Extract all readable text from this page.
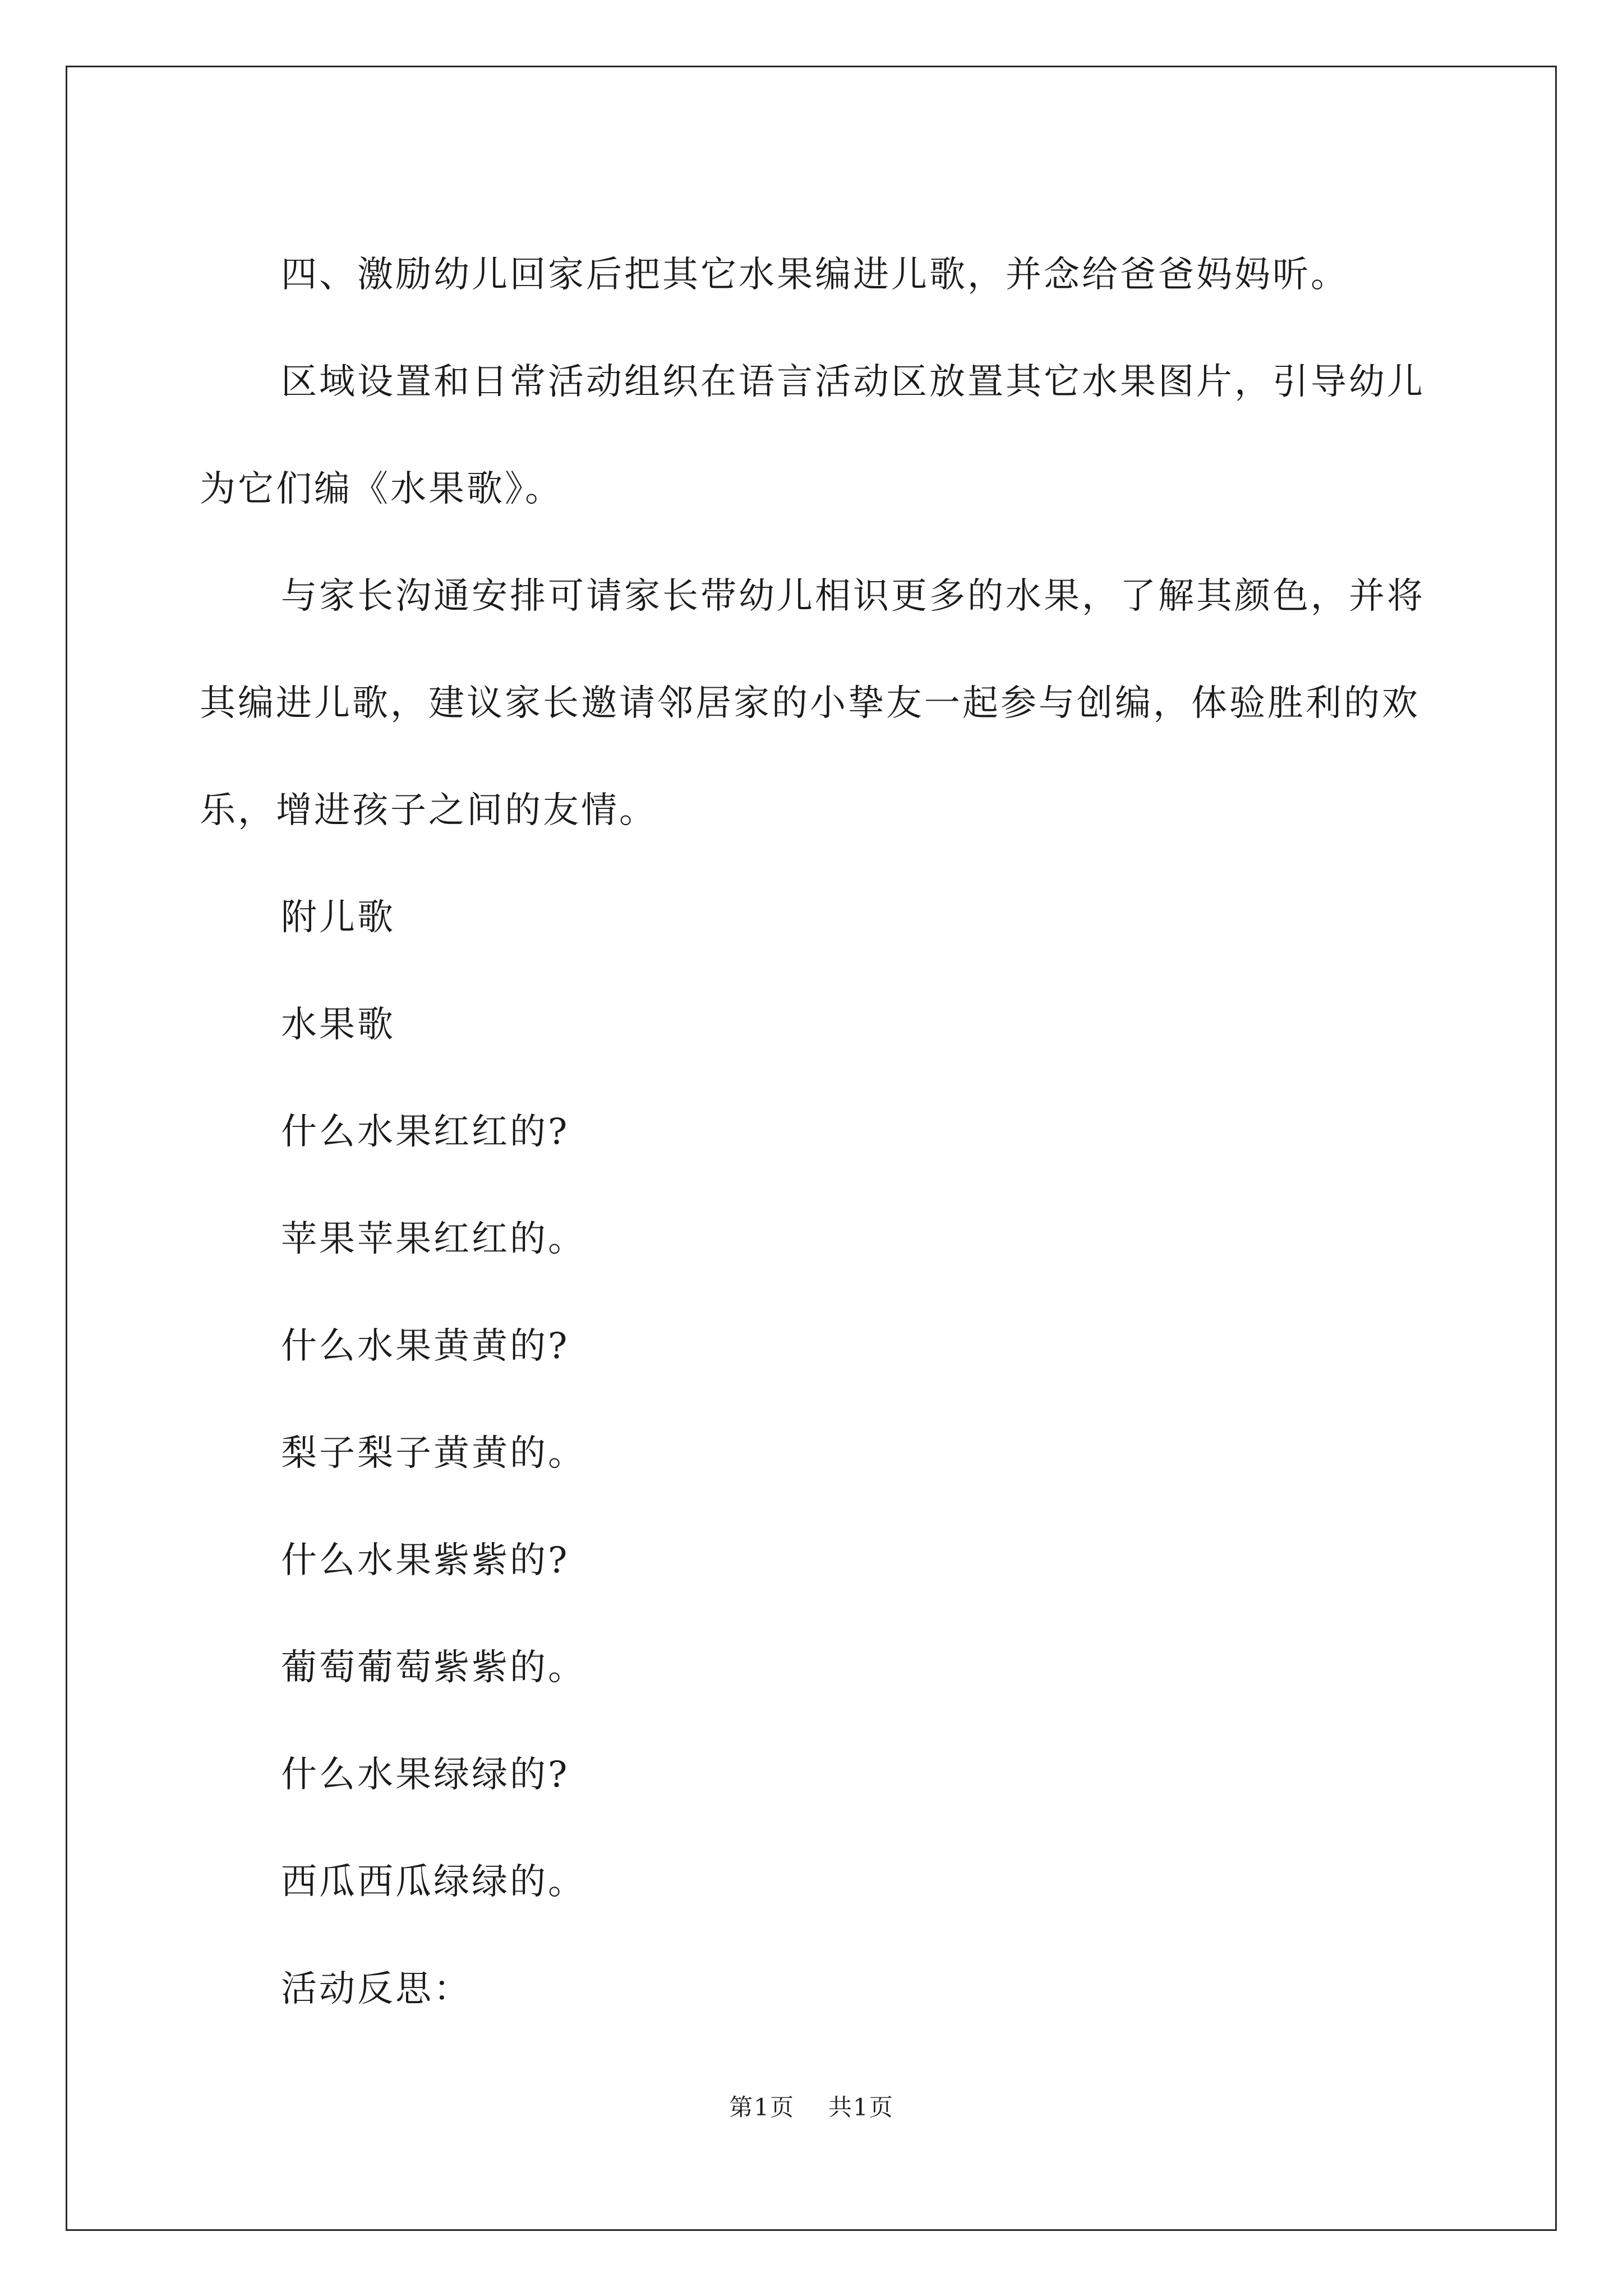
四、激励幼儿回家后把其它水果编进儿歌，并念给爸爸妈妈听。

区域设置和日常活动组织在语言活动区放置其它水果图片，引导幼儿为它们编《水果歌》。

与家长沟通安排可请家长带幼儿相识更多的水果，了解其颜色，并将其编进儿歌，建议家长邀请邻居家的小挚友一起参与创编，体验胜利的欢乐，增进孩子之间的友情。

附儿歌

水果歌

什么水果红红的?

苹果苹果红红的。

什么水果黄黄的?

梨子梨子黄黄的。

什么水果紫紫的?

葡萄葡萄紫紫的。

什么水果绿绿的?

西瓜西瓜绿绿的。

活动反思：

第1页 共1页
